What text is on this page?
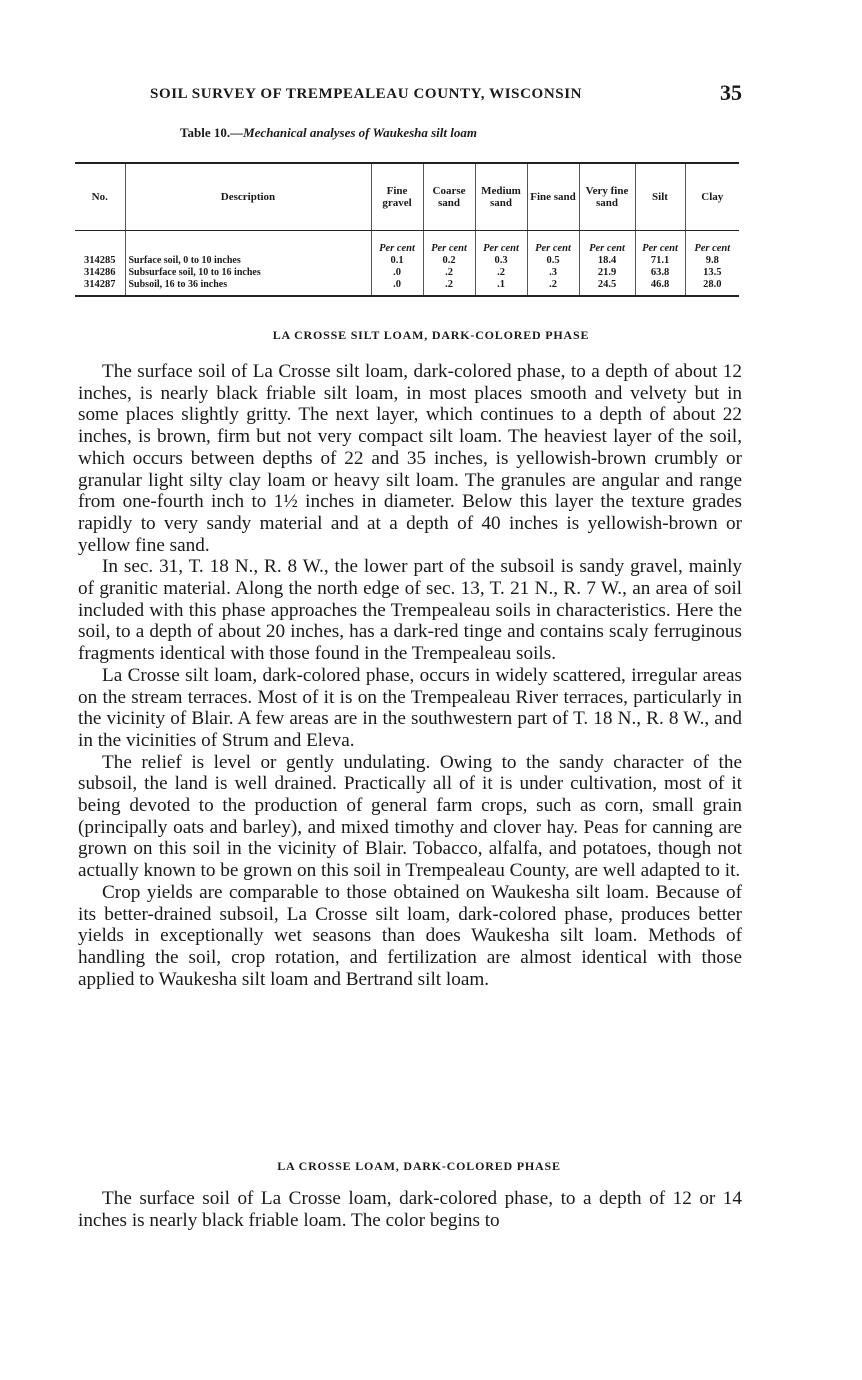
SOIL SURVEY OF TREMPEALEAU COUNTY, WISCONSIN	35
Table 10.—Mechanical analyses of Waukesha silt loam
No.	Description	Fine gravel	Coarse sand	Medium sand	Fine sand	Very fine sand	Silt	Clay
		Per cent	Per cent	Per cent	Per cent	Per cent	Per cent	Per cent
314285	Surface soil, 0 to 10 inches	0.1	0.2	0.3	0.5	18.4	71.1	9.8
314286	Subsurface soil, 10 to 16 inches	.0	.2	.2	.3	21.9	63.8	13.5
314287	Subsoil, 16 to 36 inches	.0	.2	.1	.2	24.5	46.8	28.0
LA CROSSE SILT LOAM, DARK-COLORED PHASE

The surface soil of La Crosse silt loam, dark-colored phase, to a depth of about 12 inches, is nearly black friable silt loam, in most places smooth and velvety but in some places slightly gritty. The next layer, which continues to a depth of about 22 inches, is brown, firm but not very compact silt loam. The heaviest layer of the soil, which occurs between depths of 22 and 35 inches, is yellowish-brown crumbly or granular light silty clay loam or heavy silt loam. The granules are angular and range from one-fourth inch to 1½ inches in diameter. Below this layer the texture grades rapidly to very sandy material and at a depth of 40 inches is yellowish-brown or yellow fine sand.

In sec. 31, T. 18 N., R. 8 W., the lower part of the subsoil is sandy gravel, mainly of granitic material. Along the north edge of sec. 13, T. 21 N., R. 7 W., an area of soil included with this phase approaches the Trempealeau soils in characteristics. Here the soil, to a depth of about 20 inches, has a dark-red tinge and contains scaly ferruginous fragments identical with those found in the Trempealeau soils.

La Crosse silt loam, dark-colored phase, occurs in widely scattered, irregular areas on the stream terraces. Most of it is on the Trempealeau River terraces, particularly in the vicinity of Blair. A few areas are in the southwestern part of T. 18 N., R. 8 W., and in the vicinities of Strum and Eleva.

The relief is level or gently undulating. Owing to the sandy character of the subsoil, the land is well drained. Practically all of it is under cultivation, most of it being devoted to the production of general farm crops, such as corn, small grain (principally oats and barley), and mixed timothy and clover hay. Peas for canning are grown on this soil in the vicinity of Blair. Tobacco, alfalfa, and potatoes, though not actually known to be grown on this soil in Trempealeau County, are well adapted to it.

Crop yields are comparable to those obtained on Waukesha silt loam. Because of its better-drained subsoil, La Crosse silt loam, dark-colored phase, produces better yields in exceptionally wet seasons than does Waukesha silt loam. Methods of handling the soil, crop rotation, and fertilization are almost identical with those applied to Waukesha silt loam and Bertrand silt loam.

LA CROSSE LOAM, DARK-COLORED PHASE

The surface soil of La Crosse loam, dark-colored phase, to a depth of 12 or 14 inches is nearly black friable loam. The color begins to
